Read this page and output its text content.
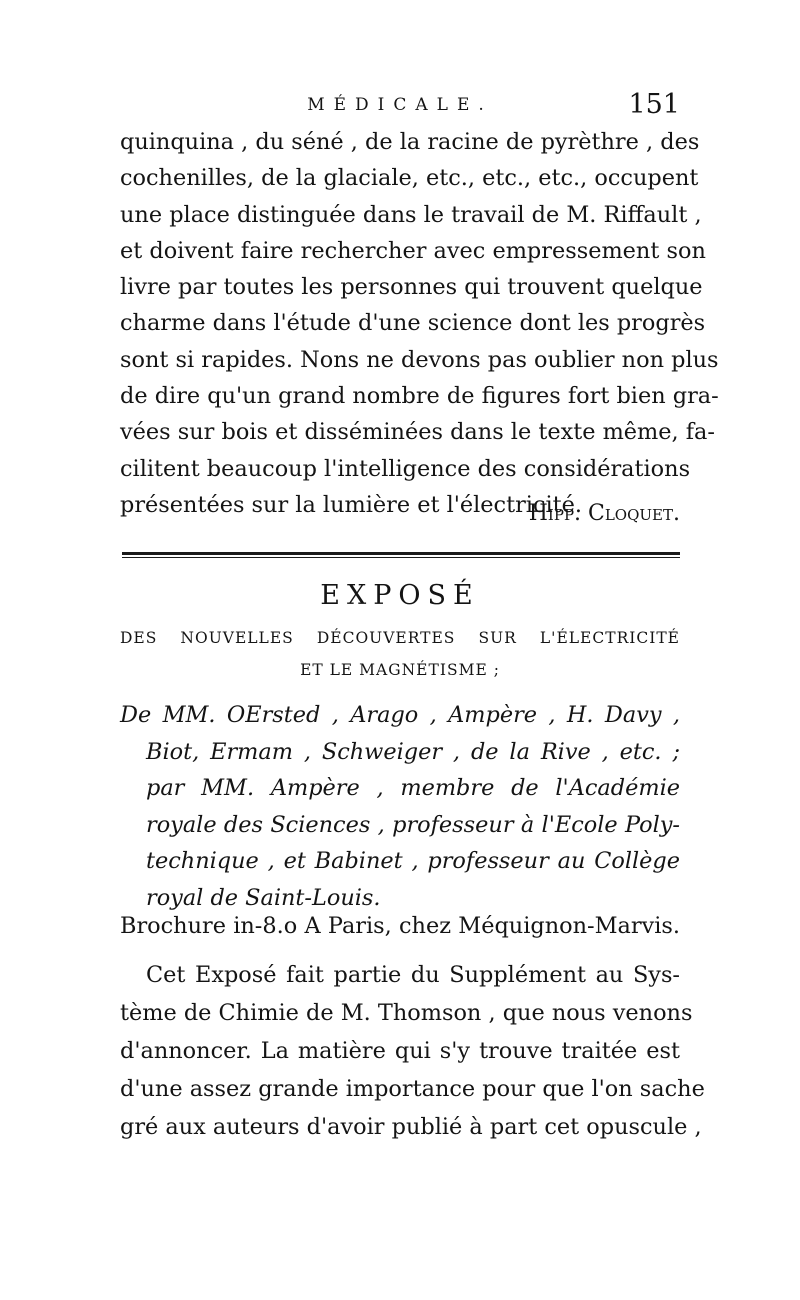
MÉDICALE.	151
quinquina , du séné , de la racine de pyrèthre , des
cochenilles, de la glaciale, etc., etc., etc., occupent
une place distinguée dans le travail de M. Riffault ,
et doivent faire rechercher avec empressement son
livre par toutes les personnes qui trouvent quelque
charme dans l'étude d'une science dont les progrès
sont si rapides. Nons ne devons pas oublier non plus
de dire qu'un grand nombre de figures fort bien gra-
vées sur bois et disséminées dans le texte même, fa-
cilitent beaucoup l'intelligence des considérations
présentées sur la lumière et l'électricité.
Hipp. Cloquet.
EXPOSÉ
DES NOUVELLES DÉCOUVERTES SUR L'ÉLECTRICITÉ
ET LE MAGNÉTISME ;
De MM. OErsted , Arago , Ampère , H. Davy ,
Biot, Ermam , Schweiger , de la Rive , etc. ;
par MM. Ampère , membre de l'Académie
royale des Sciences , professeur à l'Ecole Poly-
technique , et Babinet , professeur au Collège
royal de Saint-Louis.
Brochure in-8.o A Paris, chez Méquignon-Marvis.
Cet Exposé fait partie du Supplément au Sys-
tème de Chimie de M. Thomson , que nous venons
d'annoncer. La matière qui s'y trouve traitée est
d'une assez grande importance pour que l'on sache
gré aux auteurs d'avoir publié à part cet opuscule ,
